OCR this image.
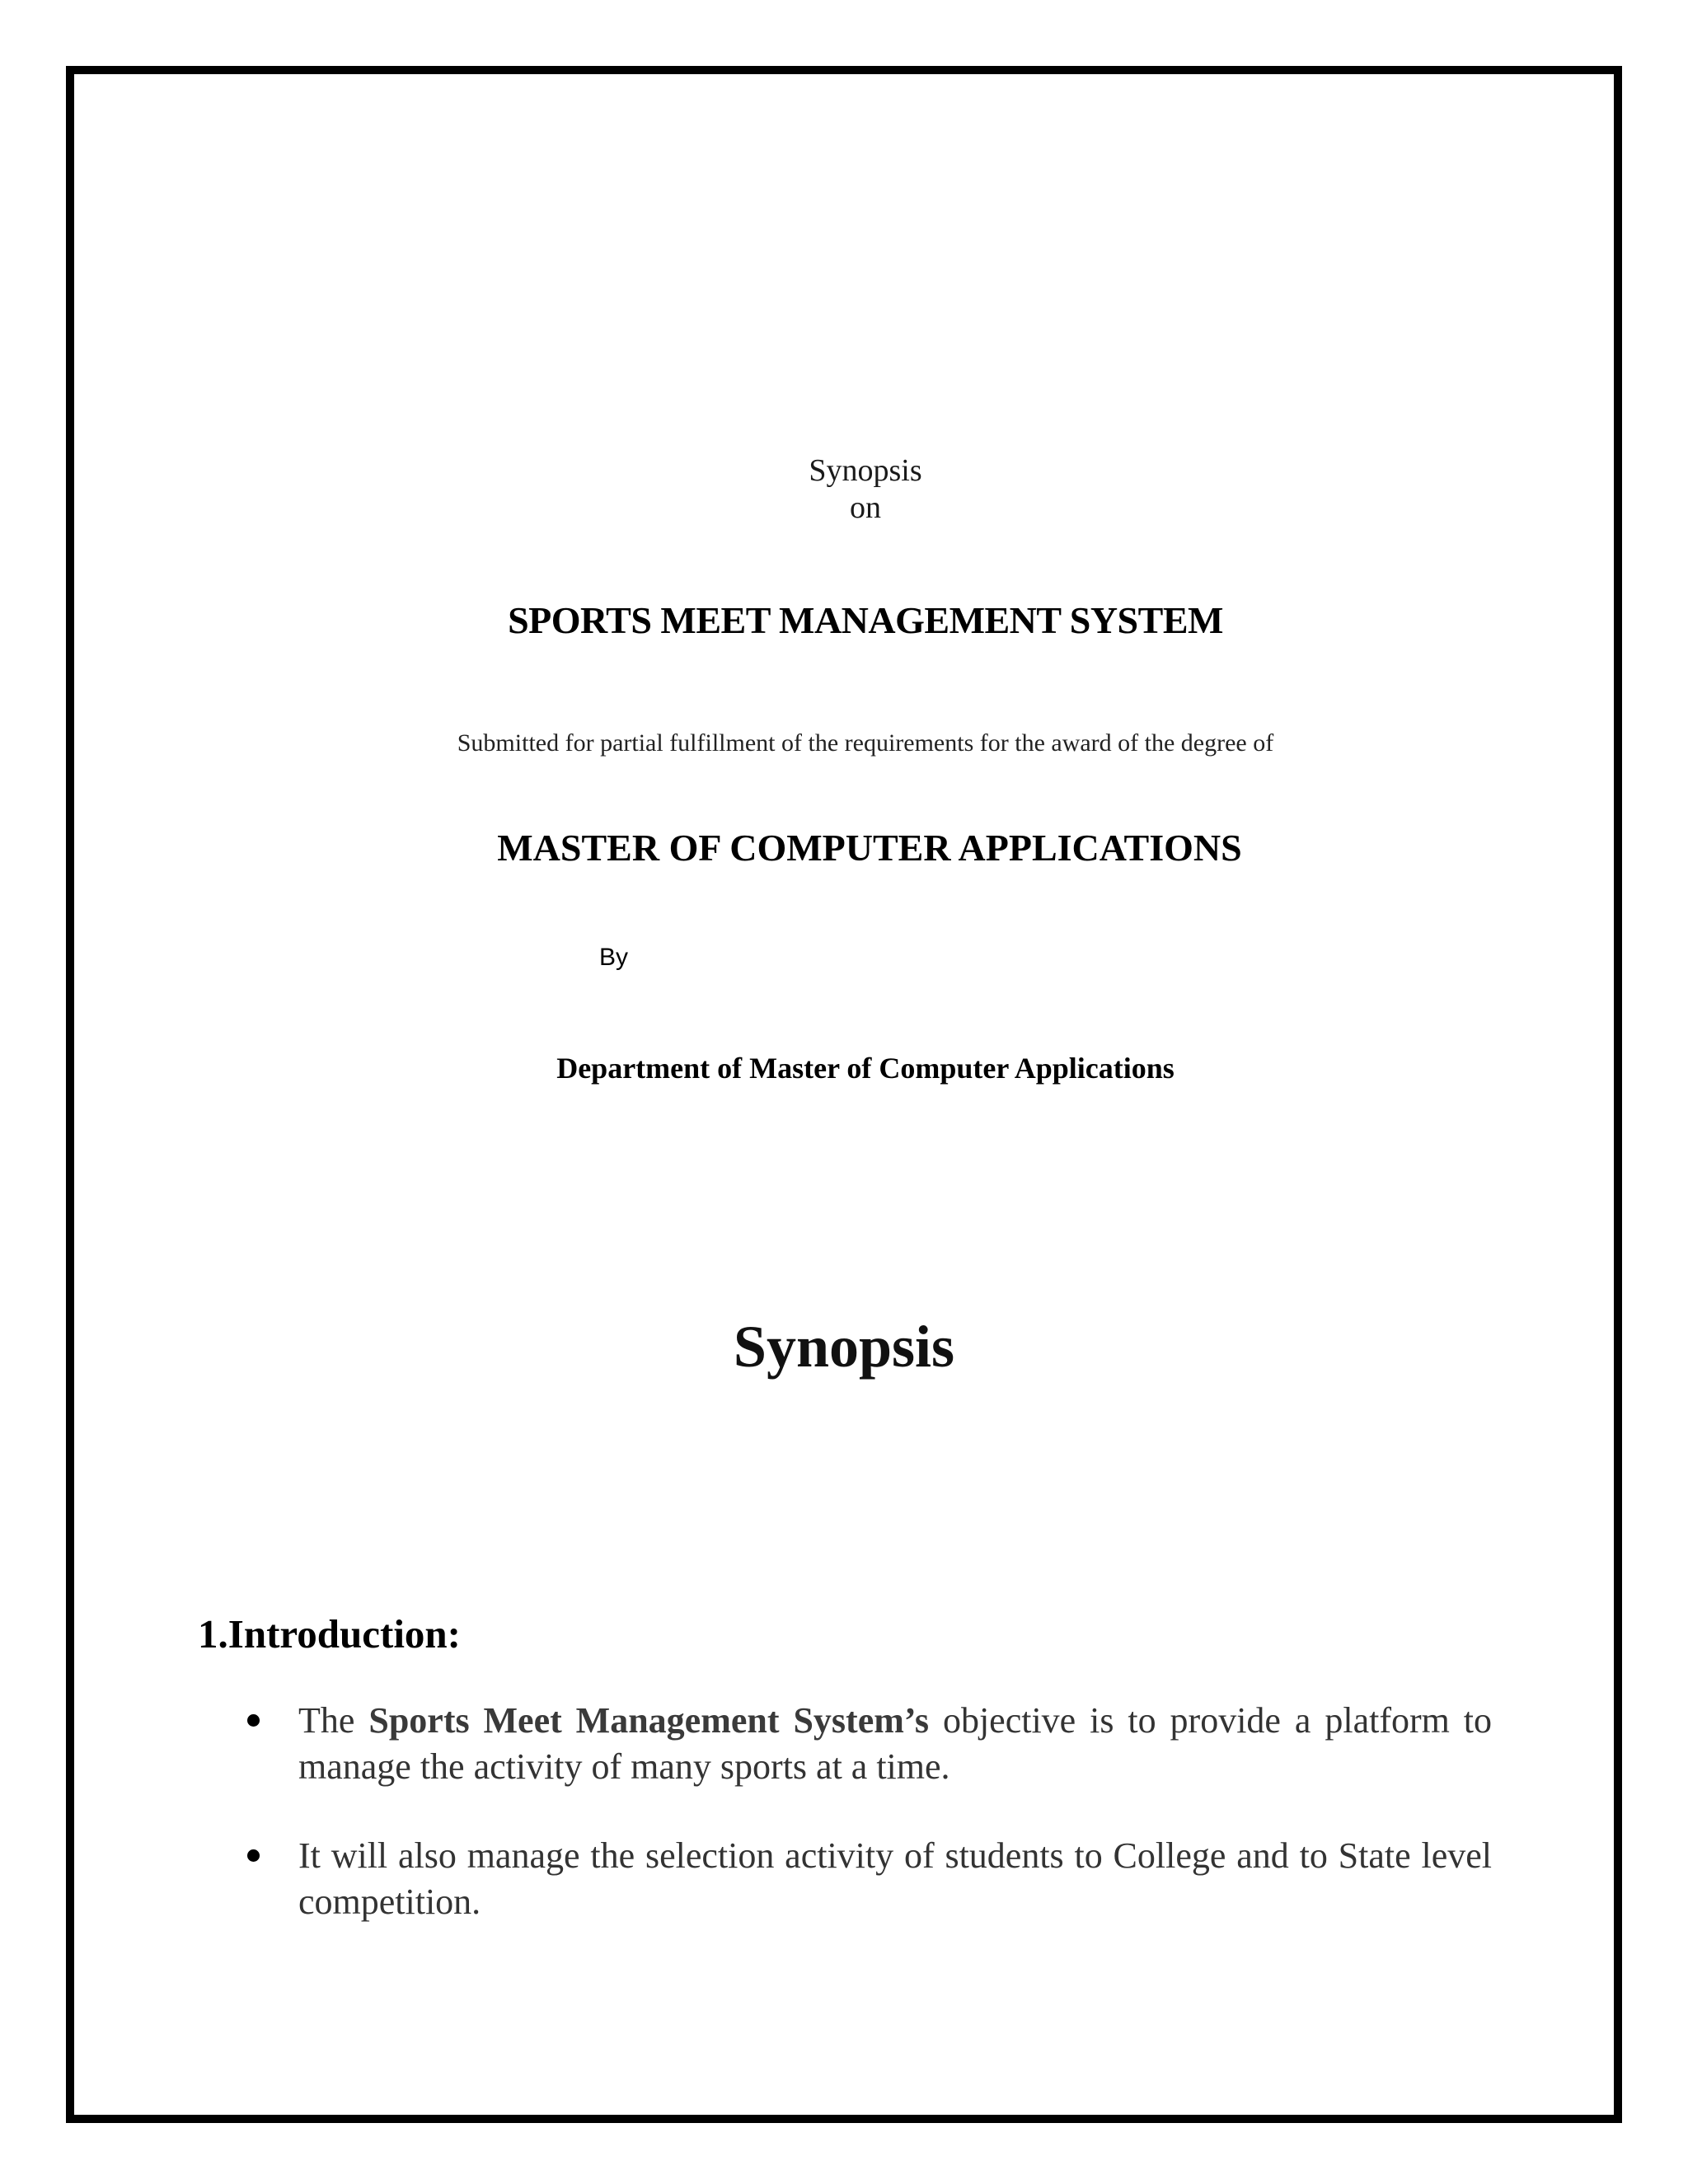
Synopsis

on

SPORTS MEET MANAGEMENT SYSTEM

Submitted for partial fulfillment of the requirements for the award of the degree of

MASTER OF COMPUTER APPLICATIONS

By

Department of Master of Computer Applications

Synopsis
1.Introduction:
The Sports Meet Management System’s objective is to provide a platform to manage the activity of many sports at a time.
It will also manage the selection activity of students to College and to State level competition.
